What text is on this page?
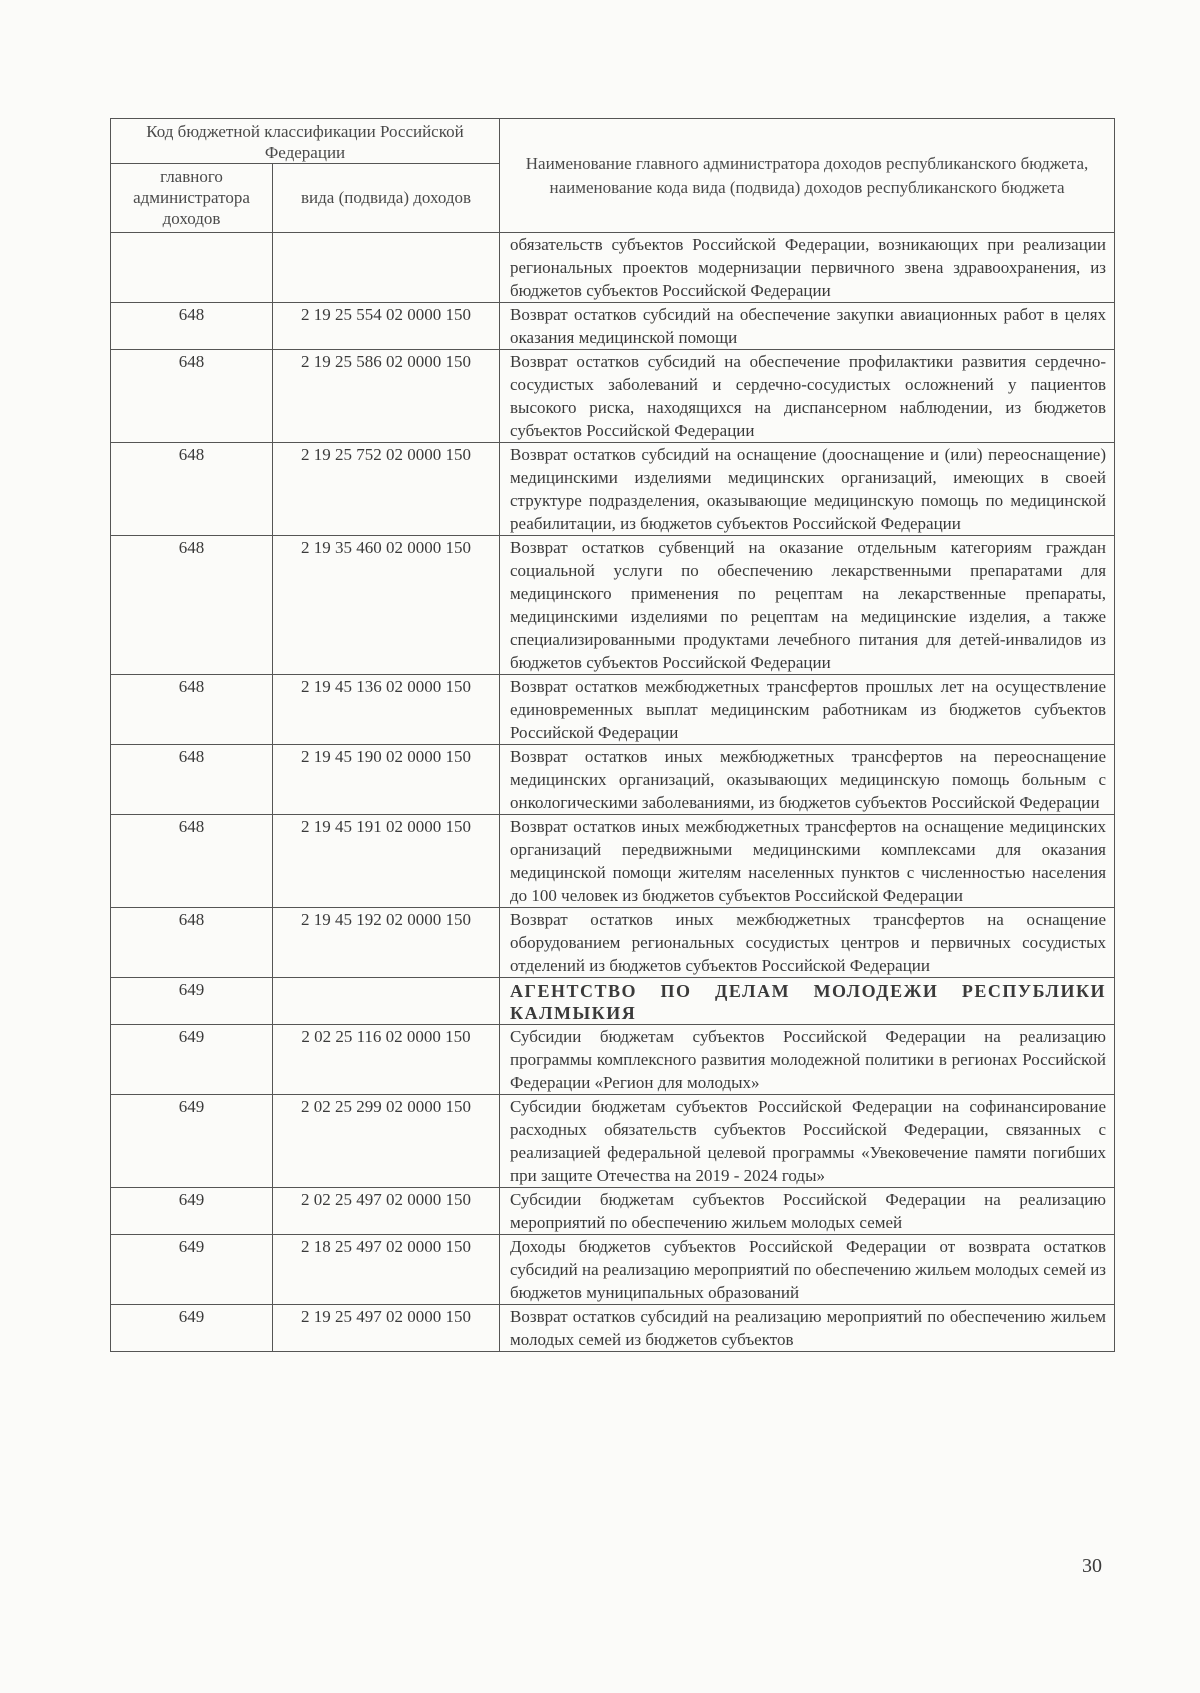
Код бюджетной классификации Российской Федерации		Наименование главного администратора доходов республиканского бюджета, наименование кода вида (подвида) доходов республиканского бюджета
главного администратора доходов	вида (подвида) доходов	
		обязательств субъектов Российской Федерации, возникающих при реализации региональных проектов модернизации первичного звена здравоохранения, из бюджетов субъектов Российской Федерации
648	2 19 25 554 02 0000 150	Возврат остатков субсидий на обеспечение закупки авиационных работ в целях оказания медицинской помощи
648	2 19 25 586 02 0000 150	Возврат остатков субсидий на обеспечение профилактики развития сердечно-сосудистых заболеваний и сердечно-сосудистых осложнений у пациентов высокого риска, находящихся на диспансерном наблюдении, из бюджетов субъектов Российской Федерации
648	2 19 25 752 02 0000 150	Возврат остатков субсидий на оснащение (дооснащение и (или) переоснащение) медицинскими изделиями медицинских организаций, имеющих в своей структуре подразделения, оказывающие медицинскую помощь по медицинской реабилитации, из бюджетов субъектов Российской Федерации
648	2 19 35 460 02 0000 150	Возврат остатков субвенций на оказание отдельным категориям граждан социальной услуги по обеспечению лекарственными препаратами для медицинского применения по рецептам на лекарственные препараты, медицинскими изделиями по рецептам на медицинские изделия, а также специализированными продуктами лечебного питания для детей-инвалидов из бюджетов субъектов Российской Федерации
648	2 19 45 136 02 0000 150	Возврат остатков межбюджетных трансфертов прошлых лет на осуществление единовременных выплат медицинским работникам из бюджетов субъектов Российской Федерации
648	2 19 45 190 02 0000 150	Возврат остатков иных межбюджетных трансфертов на переоснащение медицинских организаций, оказывающих медицинскую помощь больным с онкологическими заболеваниями, из бюджетов субъектов Российской Федерации
648	2 19 45 191 02 0000 150	Возврат остатков иных межбюджетных трансфертов на оснащение медицинских организаций передвижными медицинскими комплексами для оказания медицинской помощи жителям населенных пунктов с численностью населения до 100 человек из бюджетов субъектов Российской Федерации
648	2 19 45 192 02 0000 150	Возврат остатков иных межбюджетных трансфертов на оснащение оборудованием региональных сосудистых центров и первичных сосудистых отделений из бюджетов субъектов Российской Федерации
649		АГЕНТСТВО ПО ДЕЛАМ МОЛОДЕЖИ РЕСПУБЛИКИ КАЛМЫКИЯ
649	2 02 25 116 02 0000 150	Субсидии бюджетам субъектов Российской Федерации на реализацию программы комплексного развития молодежной политики в регионах Российской Федерации «Регион для молодых»
649	2 02 25 299 02 0000 150	Субсидии бюджетам субъектов Российской Федерации на софинансирование расходных обязательств субъектов Российской Федерации, связанных с реализацией федеральной целевой программы «Увековечение памяти погибших при защите Отечества на 2019 - 2024 годы»
649	2 02 25 497 02 0000 150	Субсидии бюджетам субъектов Российской Федерации на реализацию мероприятий по обеспечению жильем молодых семей
649	2 18 25 497 02 0000 150	Доходы бюджетов субъектов Российской Федерации от возврата остатков субсидий на реализацию мероприятий по обеспечению жильем молодых семей из бюджетов муниципальных образований
649	2 19 25 497 02 0000 150	Возврат остатков субсидий на реализацию мероприятий по обеспечению жильем молодых семей из бюджетов субъектов
30
